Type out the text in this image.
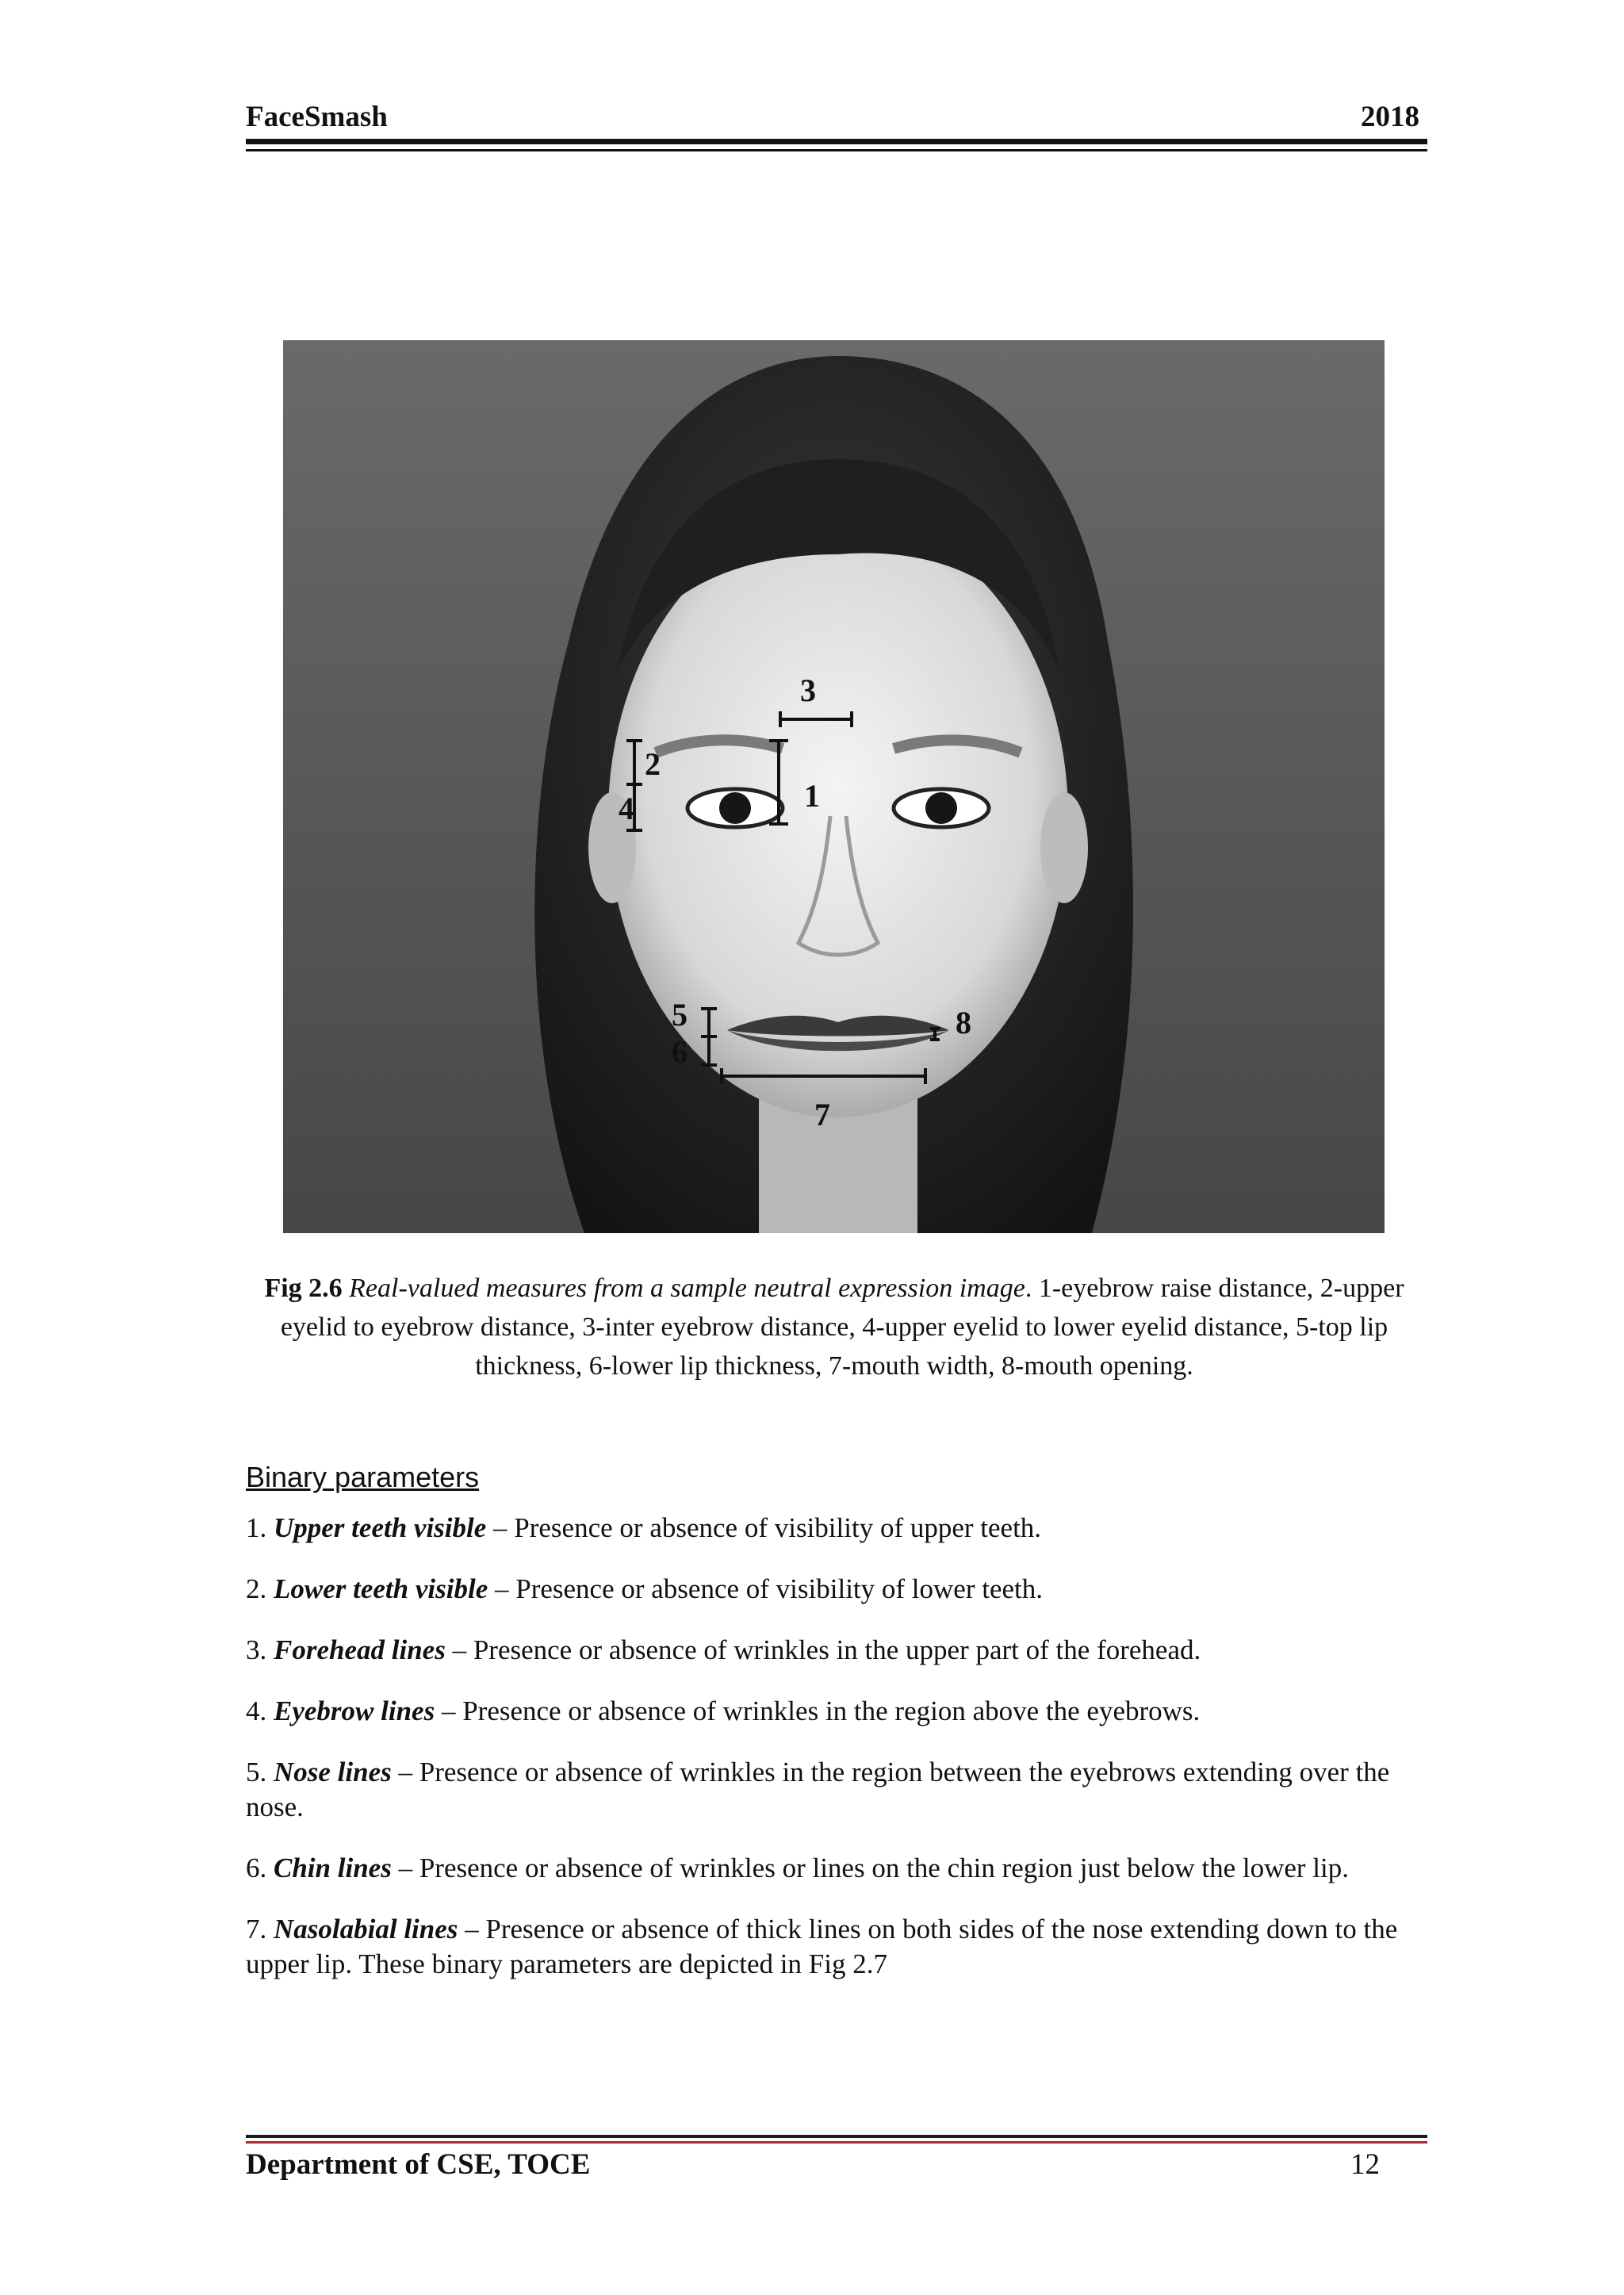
FaceSmash	2018
1
2
3
4
5
6
7
8
Fig 2.6 Real-valued measures from a sample neutral expression image. 1-eyebrow raise distance, 2-upper eyelid to eyebrow distance, 3-inter eyebrow distance, 4-upper eyelid to lower eyelid distance, 5-top lip thickness, 6-lower lip thickness, 7-mouth width, 8-mouth opening.
Binary parameters
1. Upper teeth visible – Presence or absence of visibility of upper teeth.
2. Lower teeth visible – Presence or absence of visibility of lower teeth.
3. Forehead lines – Presence or absence of wrinkles in the upper part of the forehead.
4. Eyebrow lines – Presence or absence of wrinkles in the region above the eyebrows.
5. Nose lines – Presence or absence of wrinkles in the region between the eyebrows extending over the nose.
6. Chin lines – Presence or absence of wrinkles or lines on the chin region just below the lower lip.
7. Nasolabial lines – Presence or absence of thick lines on both sides of the nose extending down to the upper lip. These binary parameters are depicted in Fig 2.7
Department of CSE, TOCE	12
